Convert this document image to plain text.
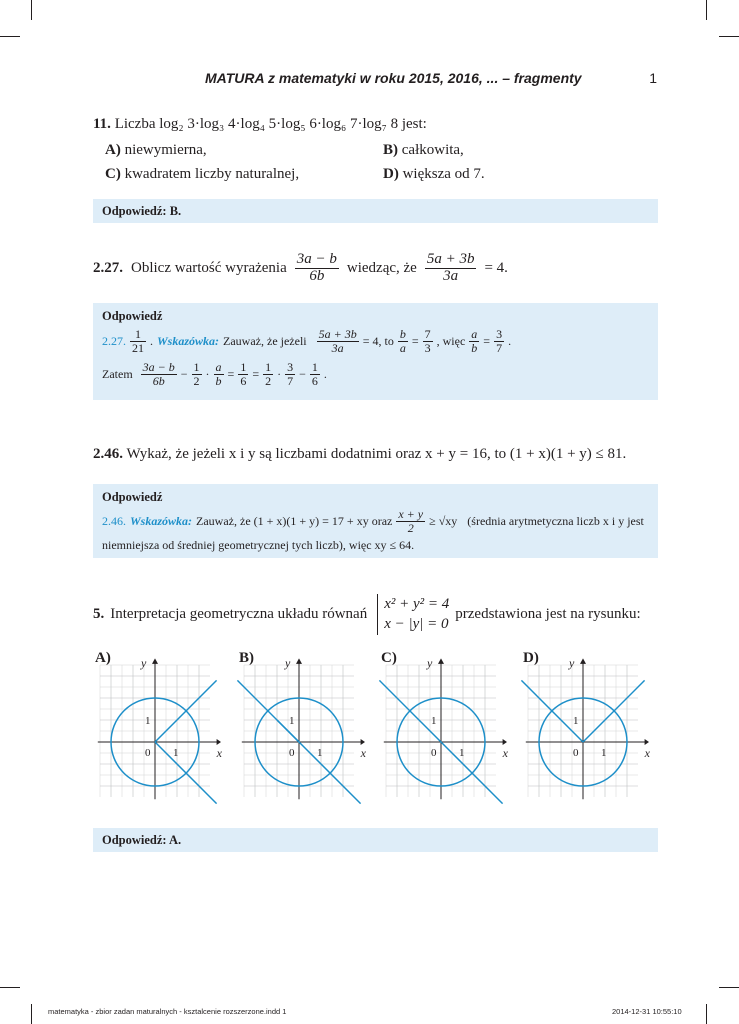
MATURA z matematyki w roku 2015, 2016, ... – fragmenty	1
11. Liczba log₂ 3·log₃ 4·log₄ 5·log₅ 6·log₆ 7·log₇ 8 jest:
A) niewymierna,	B) całkowita,
C) kwadratem liczby naturalnej,	D) większa od 7.
Odpowiedź: B.
2.27. Oblicz wartość wyrażenia $\frac{3a - b}{6b}$ wiedząc, że $\frac{5a + 3b}{3a} = 4$.
Odpowiedź
2.27. $\frac{1}{21}$ . Wskazówka: Zauważ, że jeżeli $\frac{5a + 3b}{3a} = 4$, to $\frac{b}{a} = \frac{7}{3}$ , więc $\frac{a}{b} = \frac{3}{7}$ .
Zatem $\frac{3a - b}{6b} - \frac{1}{2} \cdot \frac{a}{b} = \frac{1}{6} = \frac{1}{2} \cdot \frac{3}{7} - \frac{1}{6}$ .
2.46. Wykaż, że jeżeli x i y są liczbami dodatnimi oraz x + y = 16, to (1 + x)(1 + y) ≤ 81.
Odpowiedź
2.46. Wskazówka: Zauważ, że (1 + x)(1 + y) = 17 + xy oraz $\frac{x + y}{2} \ge √xy$ (średnia arytmetyczna liczb x i y jest
niemniejsza od średniej geometrycznej tych liczb), więc xy ≤ 64.
5. Interpretacja geometryczna układu równań
x² + y² = 4
x − |y| = 0
przedstawiona jest na rysunku:
A)
x
y
0 1
1
B)
x
y
0 1
1
C)
x
y
0 1
1
D)
x
y
0 1
1
Odpowiedź: A.
matematyka - zbior zadan maturalnych - ksztalcenie rozszerzone.indd 1	2014-12-31 10:55:10
